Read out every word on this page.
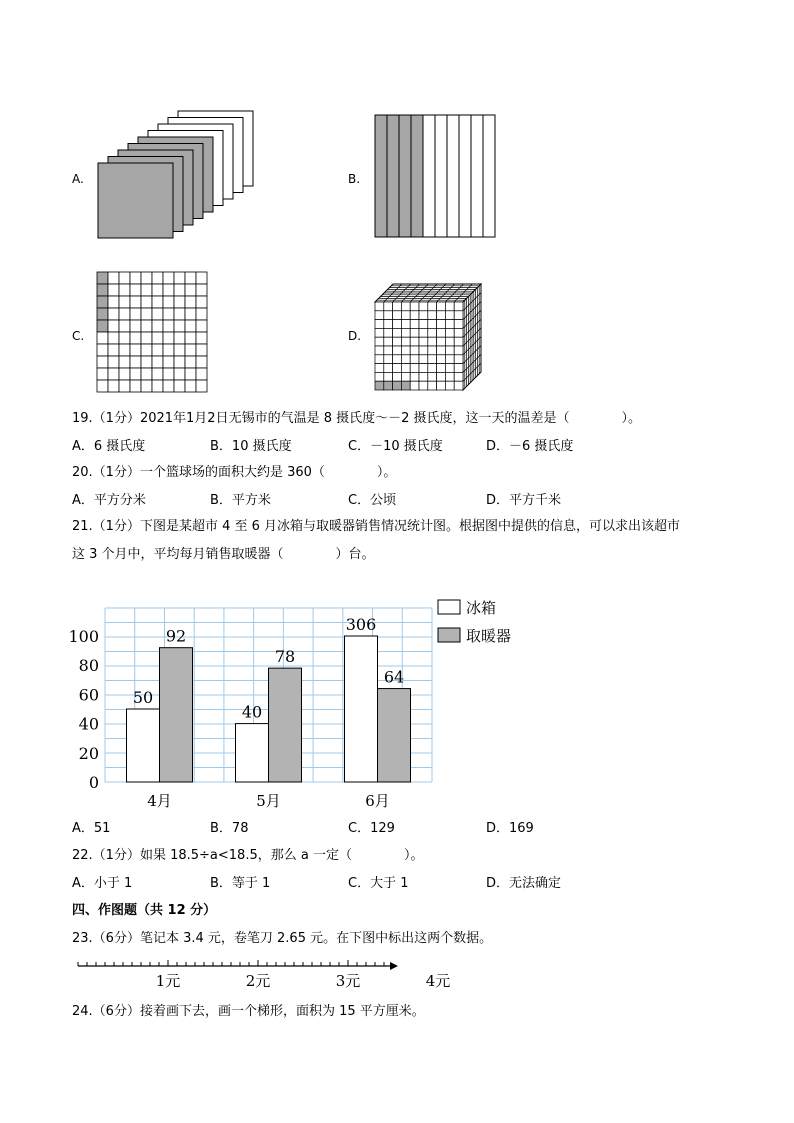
A.	B.
C.	D.
19.（1分）2021年1月2日无锡市的气温是 8 摄氏度～－2 摄氏度，这一天的温差是（　　　　）。
A．6 摄氏度	B．10 摄氏度	C．－10 摄氏度	D．－6 摄氏度
20.（1分）一个篮球场的面积大约是 360（　　　　）。
A．平方分米	B．平方米	C．公顷	D．平方千米
21.（1分）下图是某超市 4 至 6 月冰箱与取暖器销售情况统计图。根据图中提供的信息，可以求出该超市
这 3 个月中，平均每月销售取暖器（　　　　）台。
0
20
40
60
80
100
50
92
4月
40
78
5月
306
64
6月
冰箱
取暖器
A．51	B．78	C．129	D．169
22.（1分）如果 18.5÷a<18.5，那么 a 一定（　　　　）。
A．小于 1	B．等于 1	C．大于 1	D．无法确定
四、作图题（共 12 分）
23.（6分）笔记本 3.4 元，卷笔刀 2.65 元。在下图中标出这两个数据。
1元	2元	3元	4元
24.（6分）接着画下去，画一个梯形，面积为 15 平方厘米。
